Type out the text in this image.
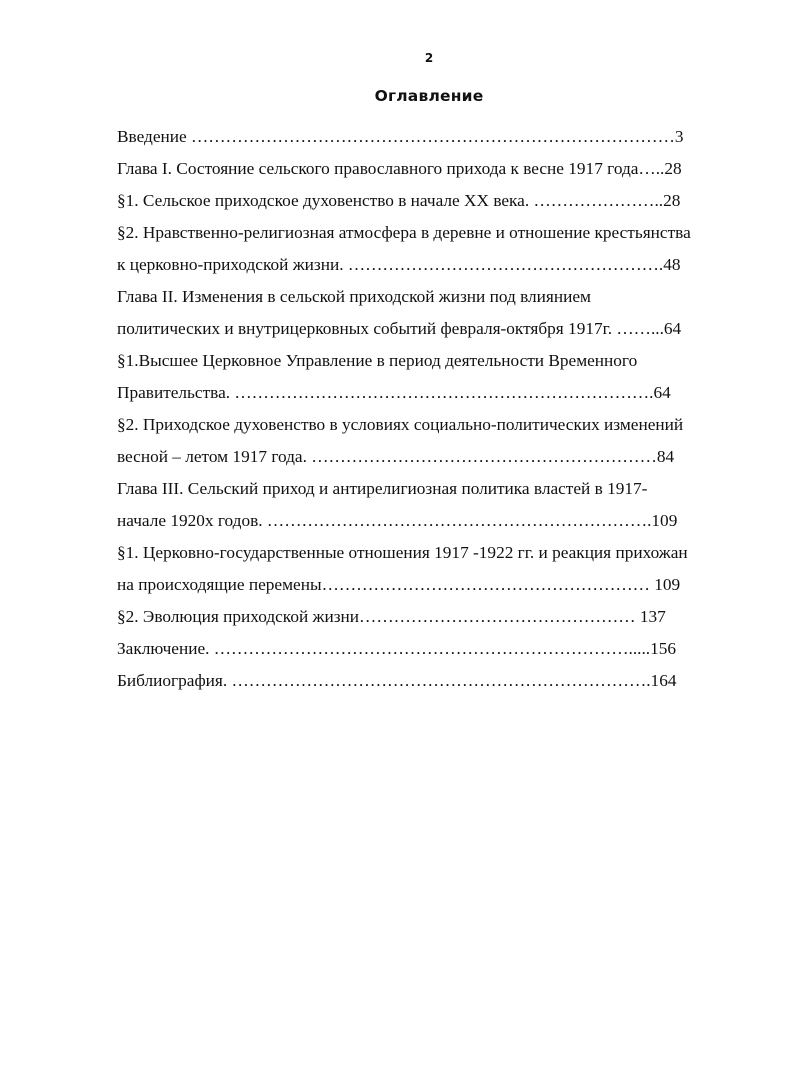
2
Оглавление
Введение …………………………………………………………………………3
Глава I. Состояние сельского православного прихода к весне 1917 года…..28
§1. Сельское приходское духовенство в начале XX века. …………………..28
§2. Нравственно-религиозная атмосфера в деревне и отношение крестьянства
к церковно-приходской жизни. ……………………………………………….48
Глава II. Изменения в сельской приходской жизни под влиянием
политических и внутрицерковных событий февраля-октября 1917г. ……...64
§1.Высшее Церковное Управление в период деятельности Временного
Правительства. ……………………………………………………………….64
§2. Приходское духовенство в условиях социально-политических изменений
весной – летом 1917 года. ……………………………………………………84
Глава III. Сельский приход и антирелигиозная политика властей в 1917-
начале 1920х годов. ………………………………………………………….109
§1. Церковно-государственные отношения 1917 -1922 гг. и реакция прихожан
на происходящие перемены………………………………………………… 109
§2. Эволюция приходской жизни………………………………………… 137
Заключение. ……………………………………………………………….....156
Библиография. ……………………………………………………………….164
